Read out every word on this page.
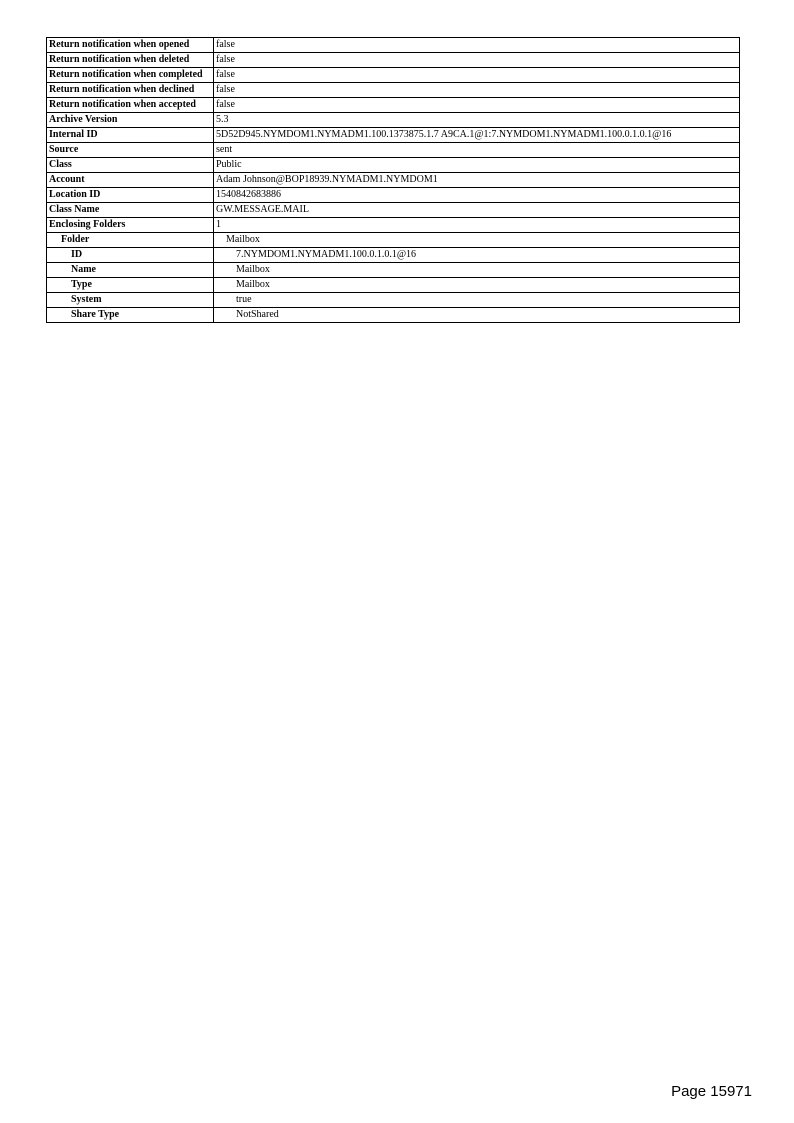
Return notification when opened	false
Return notification when deleted	false
Return notification when completed	false
Return notification when declined	false
Return notification when accepted	false
Archive Version	5.3
Internal ID	5D52D945.NYMDOM1.NYMADM1.100.1373875.1.7 A9CA.1@1:7.NYMDOM1.NYMADM1.100.0.1.0.1@16
Source	sent
Class	Public
Account	Adam Johnson@BOP18939.NYMADM1.NYMDOM1
Location ID	1540842683886
Class Name	GW.MESSAGE.MAIL
Enclosing Folders	1
Folder	Mailbox
ID	7.NYMDOM1.NYMADM1.100.0.1.0.1@16
Name	Mailbox
Type	Mailbox
System	true
Share Type	NotShared
Page 15971
